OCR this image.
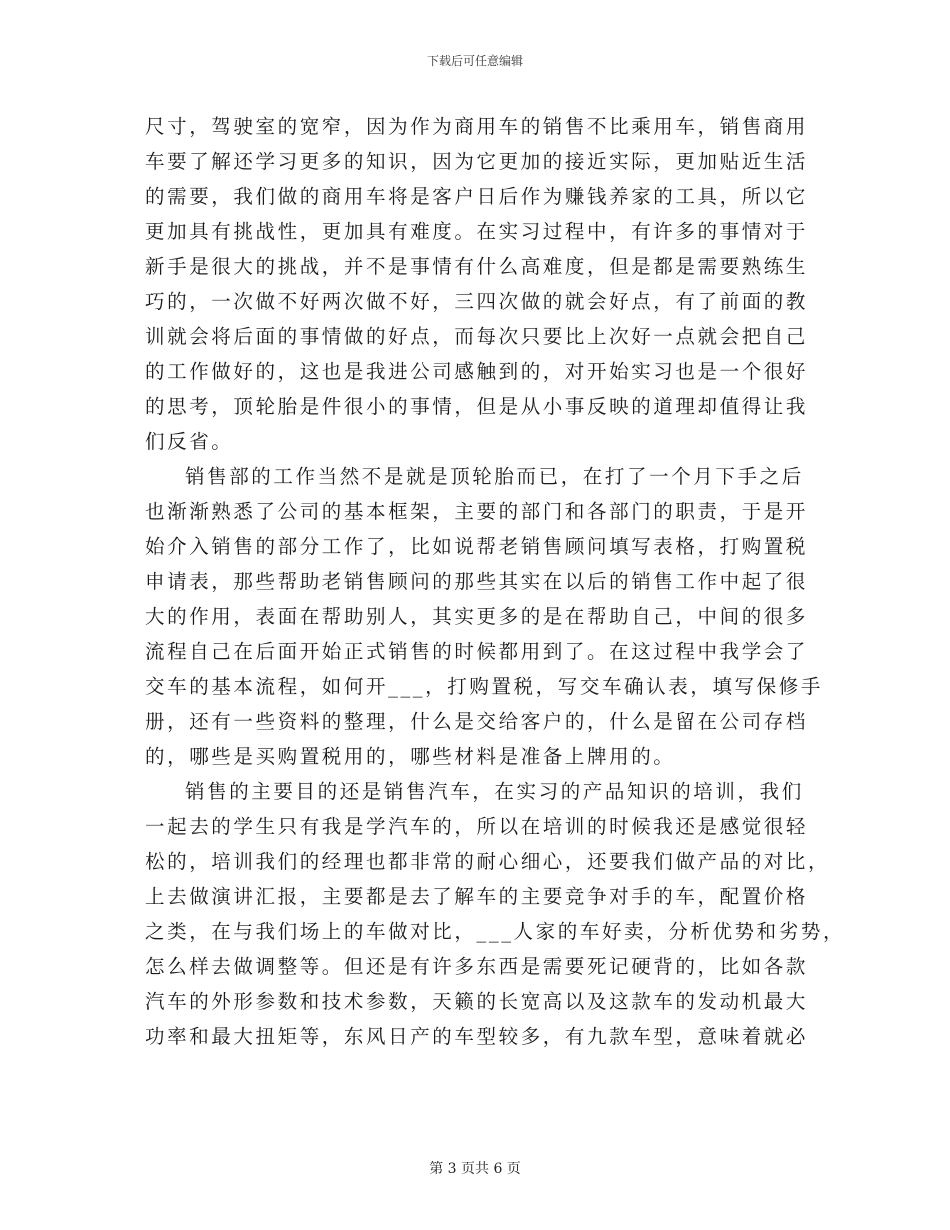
下载后可任意编辑
尺寸，驾驶室的宽窄，因为作为商用车的销售不比乘用车，销售商用
车要了解还学习更多的知识，因为它更加的接近实际，更加贴近生活
的需要，我们做的商用车将是客户日后作为赚钱养家的工具，所以它
更加具有挑战性，更加具有难度。在实习过程中，有许多的事情对于
新手是很大的挑战，并不是事情有什么高难度，但是都是需要熟练生
巧的，一次做不好两次做不好，三四次做的就会好点，有了前面的教
训就会将后面的事情做的好点，而每次只要比上次好一点就会把自己
的工作做好的，这也是我进公司感触到的，对开始实习也是一个很好
的思考，顶轮胎是件很小的事情，但是从小事反映的道理却值得让我
们反省。
销售部的工作当然不是就是顶轮胎而已，在打了一个月下手之后
也渐渐熟悉了公司的基本框架，主要的部门和各部门的职责，于是开
始介入销售的部分工作了，比如说帮老销售顾问填写表格，打购置税
申请表，那些帮助老销售顾问的那些其实在以后的销售工作中起了很
大的作用，表面在帮助别人，其实更多的是在帮助自己，中间的很多
流程自己在后面开始正式销售的时候都用到了。在这过程中我学会了
交车的基本流程，如何开___，打购置税，写交车确认表，填写保修手
册，还有一些资料的整理，什么是交给客户的，什么是留在公司存档
的，哪些是买购置税用的，哪些材料是准备上牌用的。
销售的主要目的还是销售汽车，在实习的产品知识的培训，我们
一起去的学生只有我是学汽车的，所以在培训的时候我还是感觉很轻
松的，培训我们的经理也都非常的耐心细心，还要我们做产品的对比，
上去做演讲汇报，主要都是去了解车的主要竞争对手的车，配置价格
之类，在与我们场上的车做对比，___人家的车好卖，分析优势和劣势，
怎么样去做调整等。但还是有许多东西是需要死记硬背的，比如各款
汽车的外形参数和技术参数，天籁的长宽高以及这款车的发动机最大
功率和最大扭矩等，东风日产的车型较多，有九款车型，意味着就必
第 3 页共 6 页
